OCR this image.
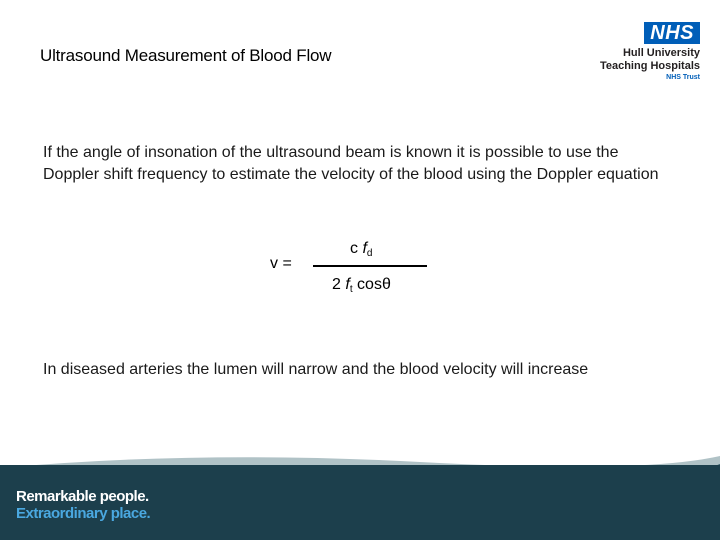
Ultrasound Measurement of Blood Flow
NHS
Hull University
Teaching Hospitals
NHS Trust
If the angle of insonation of the ultrasound beam is known it is possible to use the Doppler shift frequency to estimate the velocity of the blood using the Doppler equation
v =
c $f_d$
2 $f_t$ cosθ
In diseased arteries the lumen will narrow and the blood velocity will increase
Remarkable people.
Extraordinary place.
